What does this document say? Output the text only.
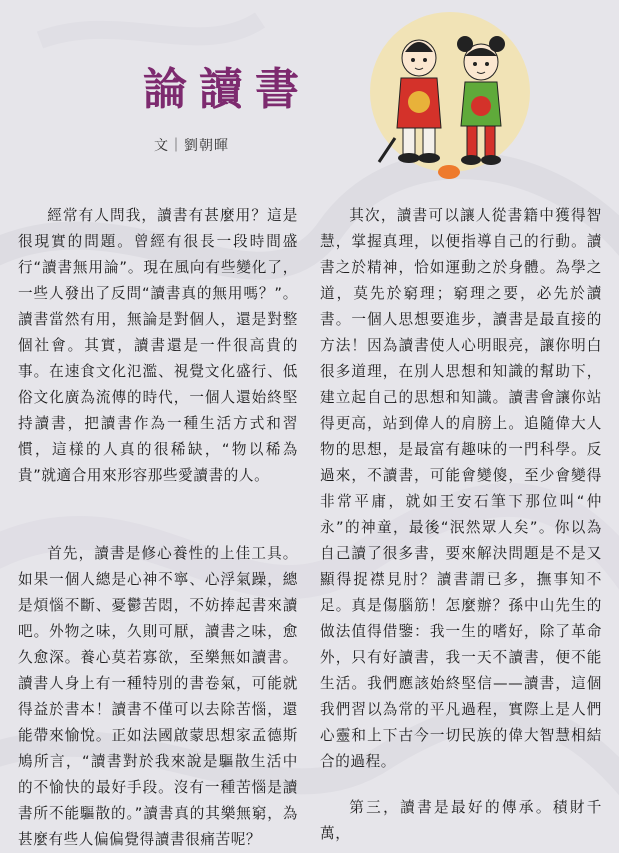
論讀書
文｜劉朝暉

經常有人問我，讀書有甚麼用？這是很現實的問題。曾經有很長一段時間盛行“讀書無用論”。現在風向有些變化了，一些人發出了反問“讀書真的無用嗎？”。讀書當然有用，無論是對個人，還是對整個社會。其實，讀書還是一件很高貴的事。在速食文化氾濫、視覺文化盛行、低俗文化廣為流傳的時代，一個人還始終堅持讀書，把讀書作為一種生活方式和習慣，這樣的人真的很稀缺，“物以稀為貴”就適合用來形容那些愛讀書的人。

首先，讀書是修心養性的上佳工具。如果一個人總是心神不寧、心浮氣躁，總是煩惱不斷、憂鬱苦悶，不妨捧起書來讀吧。外物之味，久則可厭，讀書之味，愈久愈深。養心莫若寡欲，至樂無如讀書。讀書人身上有一種特別的書卷氣，可能就得益於書本！讀書不僅可以去除苦惱，還能帶來愉悅。正如法國啟蒙思想家孟德斯鳩所言，“讀書對於我來說是驅散生活中的不愉快的最好手段。沒有一種苦惱是讀書所不能驅散的。”讀書真的其樂無窮，為甚麼有些人偏偏覺得讀書很痛苦呢？

其次，讀書可以讓人從書籍中獲得智慧，掌握真理，以便指導自己的行動。讀書之於精神，恰如運動之於身體。為學之道，莫先於窮理；窮理之要，必先於讀書。一個人思想要進步，讀書是最直接的方法！因為讀書使人心明眼亮，讓你明白很多道理，在別人思想和知識的幫助下，建立起自己的思想和知識。讀書會讓你站得更高，站到偉人的肩膀上。追隨偉大人物的思想，是最富有趣味的一門科學。反過來，不讀書，可能會變傻，至少會變得非常平庸，就如王安石筆下那位叫“仲永”的神童，最後“泯然眾人矣”。你以為自己讀了很多書，要來解決問題是不是又顯得捉襟見肘？讀書謂已多，撫事知不足。真是傷腦筋！怎麼辦？孫中山先生的做法值得借鑒：我一生的嗜好，除了革命外，只有好讀書，我一天不讀書，便不能生活。我們應該始終堅信——讀書，這個我們習以為常的平凡過程，實際上是人們心靈和上下古今一切民族的偉大智慧相結合的過程。

第三，讀書是最好的傳承。積財千萬，
